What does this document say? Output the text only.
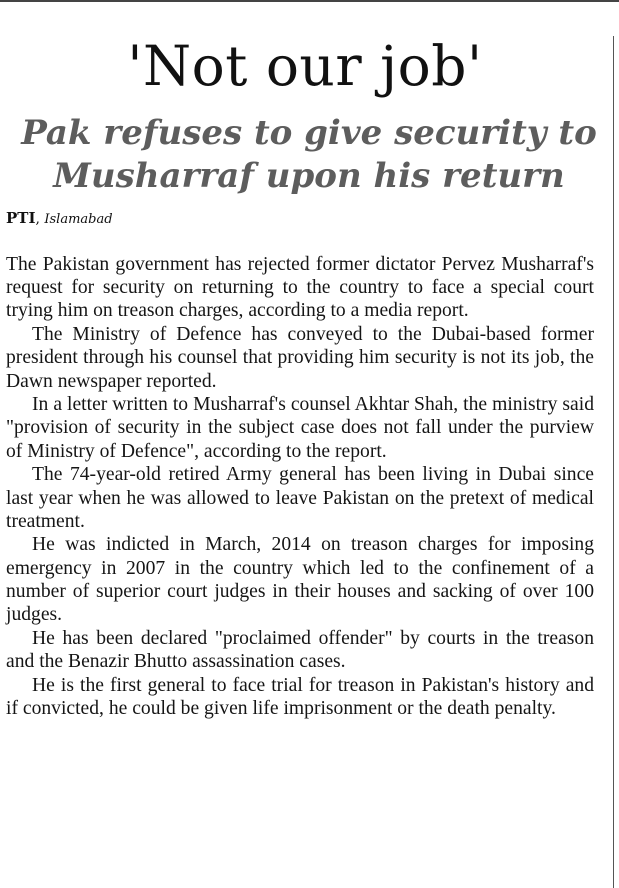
'Not our job'
Pak refuses to give security to Musharraf upon his return
PTI, Islamabad

The Pakistan government has rejected former dictator Pervez Musharraf's request for security on returning to the country to face a special court trying him on treason charges, according to a media report.

The Ministry of Defence has conveyed to the Dubai-based former president through his counsel that providing him security is not its job, the Dawn newspaper reported.

In a letter written to Musharraf's counsel Akhtar Shah, the ministry said "provision of security in the subject case does not fall under the purview of Ministry of Defence", according to the report.

The 74-year-old retired Army general has been living in Dubai since last year when he was allowed to leave Pakistan on the pretext of medical treatment.

He was indicted in March, 2014 on treason charges for imposing emergency in 2007 in the country which led to the confinement of a number of superior court judges in their houses and sacking of over 100 judges.

He has been declared "proclaimed offender" by courts in the treason and the Benazir Bhutto assassination cases.

He is the first general to face trial for treason in Pakistan's history and if convicted, he could be given life imprisonment or the death penalty.
